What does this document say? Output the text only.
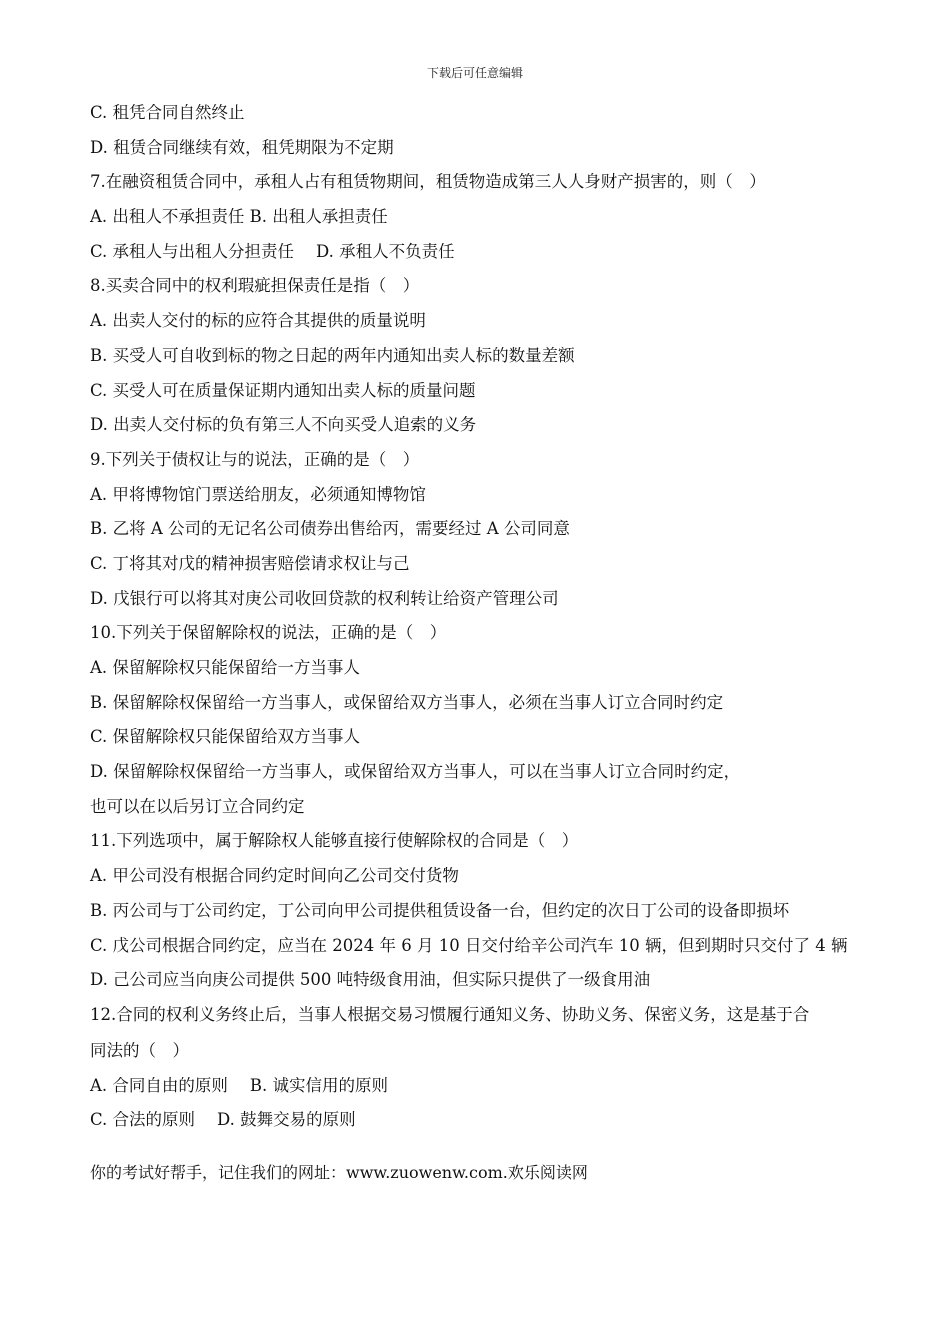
下载后可任意编辑
C. 租凭合同自然终止
D. 租赁合同继续有效，租凭期限为不定期
7.在融资租赁合同中，承租人占有租赁物期间，租赁物造成第三人人身财产损害的，则（　）
A. 出租人不承担责任 B. 出租人承担责任
C. 承租人与出租人分担责任 D. 承租人不负责任
8.买卖合同中的权利瑕疵担保责任是指（　）
A. 出卖人交付的标的应符合其提供的质量说明
B. 买受人可自收到标的物之日起的两年内通知出卖人标的数量差额
C. 买受人可在质量保证期内通知出卖人标的质量问题
D. 出卖人交付标的负有第三人不向买受人追索的义务
9.下列关于债权让与的说法，正确的是（　）
A. 甲将博物馆门票送给朋友，必须通知博物馆
B. 乙将 A 公司的无记名公司债券出售给丙，需要经过 A 公司同意
C. 丁将其对戊的精神损害赔偿请求权让与己
D. 戊银行可以将其对庚公司收回贷款的权利转让给资产管理公司
10.下列关于保留解除权的说法，正确的是（　）
A. 保留解除权只能保留给一方当事人
B. 保留解除权保留给一方当事人，或保留给双方当事人，必须在当事人订立合同时约定
C. 保留解除权只能保留给双方当事人
D. 保留解除权保留给一方当事人，或保留给双方当事人，可以在当事人订立合同时约定，
也可以在以后另订立合同约定
11.下列选项中，属于解除权人能够直接行使解除权的合同是（　）
A. 甲公司没有根据合同约定时间向乙公司交付货物
B. 丙公司与丁公司约定，丁公司向甲公司提供租赁设备一台，但约定的次日丁公司的设备即损坏
C. 戊公司根据合同约定，应当在 2024 年 6 月 10 日交付给辛公司汽车 10 辆，但到期时只交付了 4 辆
D. 己公司应当向庚公司提供 500 吨特级食用油，但实际只提供了一级食用油
12.合同的权利义务终止后，当事人根据交易习惯履行通知义务、协助义务、保密义务，这是基于合
同法的（　）
A. 合同自由的原则 B. 诚实信用的原则
C. 合法的原则 D. 鼓舞交易的原则
你的考试好帮手，记住我们的网址：www.zuowenw.com.欢乐阅读网
